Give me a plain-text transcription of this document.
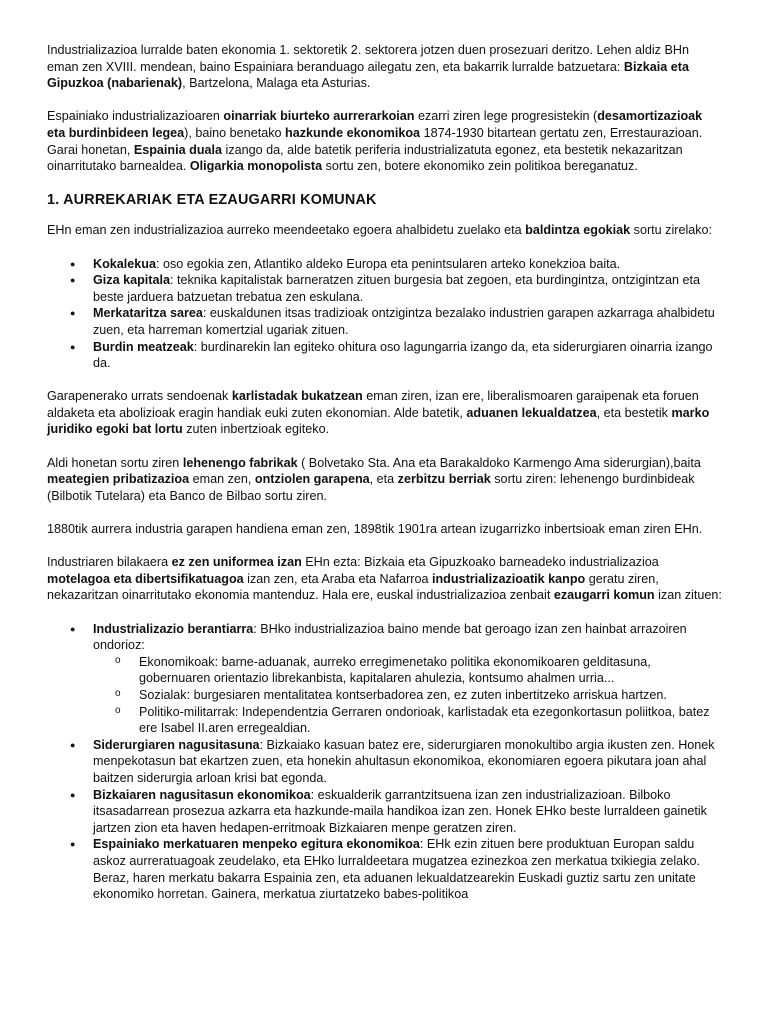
Industrializazioa lurralde baten ekonomia 1. sektoretik 2. sektorera jotzen duen prosezuari deritzo. Lehen aldiz BHn eman zen XVIII. mendean, baino Espainiara beranduago ailegatu zen, eta bakarrik lurralde batzuetara: Bizkaia eta Gipuzkoa (nabarienak), Bartzelona, Malaga eta Asturias.

Espainiako industrializazioaren oinarriak biurteko aurrerarkoian ezarri ziren lege progresistekin (desamortizazioak eta burdinbideen legea), baino benetako hazkunde ekonomikoa 1874-1930 bitartean gertatu zen, Errestaurazioan. Garai honetan, Espainia duala izango da, alde batetik periferia industrializatuta egonez, eta bestetik nekazaritzan oinarritutako barnealdea. Oligarkia monopolista sortu zen, botere ekonomiko zein politikoa bereganatuz.

1. AURREKARIAK ETA EZAUGARRI KOMUNAK

EHn eman zen industrializazioa aurreko meendeetako egoera ahalbidetu zuelako eta baldintza egokiak sortu zirelako:

● Kokalekua: oso egokia zen, Atlantiko aldeko Europa eta penintsularen arteko konekzioa baita.
● Giza kapitala: teknika kapitalistak barneratzen zituen burgesia bat zegoen, eta burdingintza, ontzigintzan eta beste jarduera batzuetan trebatua zen eskulana.
● Merkataritza sarea: euskaldunen itsas tradizioak ontzigintza bezalako industrien garapen azkarraga ahalbidetu zuen, eta harreman komertzial ugariak zituen.
● Burdin meatzeak: burdinarekin lan egiteko ohitura oso lagungarria izango da, eta siderurgiaren oinarria izango da.

Garapenerako urrats sendoenak karlistadak bukatzean eman ziren, izan ere, liberalismoaren garaipenak eta foruen aldaketa eta abolizioak eragin handiak euki zuten ekonomian. Alde batetik, aduanen lekualdatzea, eta bestetik marko juridiko egoki bat lortu zuten inbertzioak egiteko.

Aldi honetan sortu ziren lehenengo fabrikak ( Bolvetako Sta. Ana eta Barakaldoko Karmengo Ama siderurgian),baita meategien pribatizazioa eman zen, ontziolen garapena, eta zerbitzu berriak sortu ziren: lehenengo burdinbideak (Bilbotik Tutelara) eta Banco de Bilbao sortu ziren.

1880tik aurrera industria garapen handiena eman zen, 1898tik 1901ra artean izugarrizko inbertsioak eman ziren EHn.

Industriaren bilakaera ez zen uniformea izan EHn ezta: Bizkaia eta Gipuzkoako barneadeko industrializazioa motelagoa eta dibertsifikatuagoa izan zen, eta Araba eta Nafarroa industrializazioatik kanpo geratu ziren, nekazaritzan oinarritutako ekonomia mantenduz. Hala ere, euskal industrializazioa zenbait ezaugarri komun izan zituen:

● Industrializazio berantiarra: BHko industrializazioa baino mende bat geroago izan zen hainbat arrazoiren ondorioz:
o Ekonomikoak: barne-aduanak, aurreko erregimenetako politika ekonomikoaren gelditasuna, gobernuaren orientazio librekanbista, kapitalaren ahulezia, kontsumo ahalmen urria...
o Sozialak: burgesiaren mentalitatea kontserbadorea zen, ez zuten inbertitzeko arriskua hartzen.
o Politiko-militarrak: Independentzia Gerraren ondorioak, karlistadak eta ezegonkortasun poliitkoa, batez ere Isabel II.aren erregealdian.
● Siderurgiaren nagusitasuna: Bizkaiako kasuan batez ere, siderurgiaren monokultibo argia ikusten zen. Honek menpekotasun bat ekartzen zuen, eta honekin ahultasun ekonomikoa, ekonomiaren egoera pikutara joan ahal baitzen siderurgia arloan krisi bat egonda.
● Bizkaiaren nagusitasun ekonomikoa: eskualderik garrantzitsuena izan zen industrializazioan. Bilboko itsasadarrean prosezua azkarra eta hazkunde-maila handikoa izan zen. Honek EHko beste lurraldeen gainetik jartzen zion eta haven hedapen-erritmoak Bizkaiaren menpe geratzen ziren.
● Espainiako merkatuaren menpeko egitura ekonomikoa: EHk ezin zituen bere produktuan Europan saldu askoz aurreratuagoak zeudelako, eta EHko lurraldeetara mugatzea ezinezkoa zen merkatua txikiegia zelako. Beraz, haren merkatu bakarra Espainia zen, eta aduanen lekualdatzearekin Euskadi guztiz sartu zen unitate ekonomiko horretan. Gainera, merkatua ziurtatzeko babes-politikoa
